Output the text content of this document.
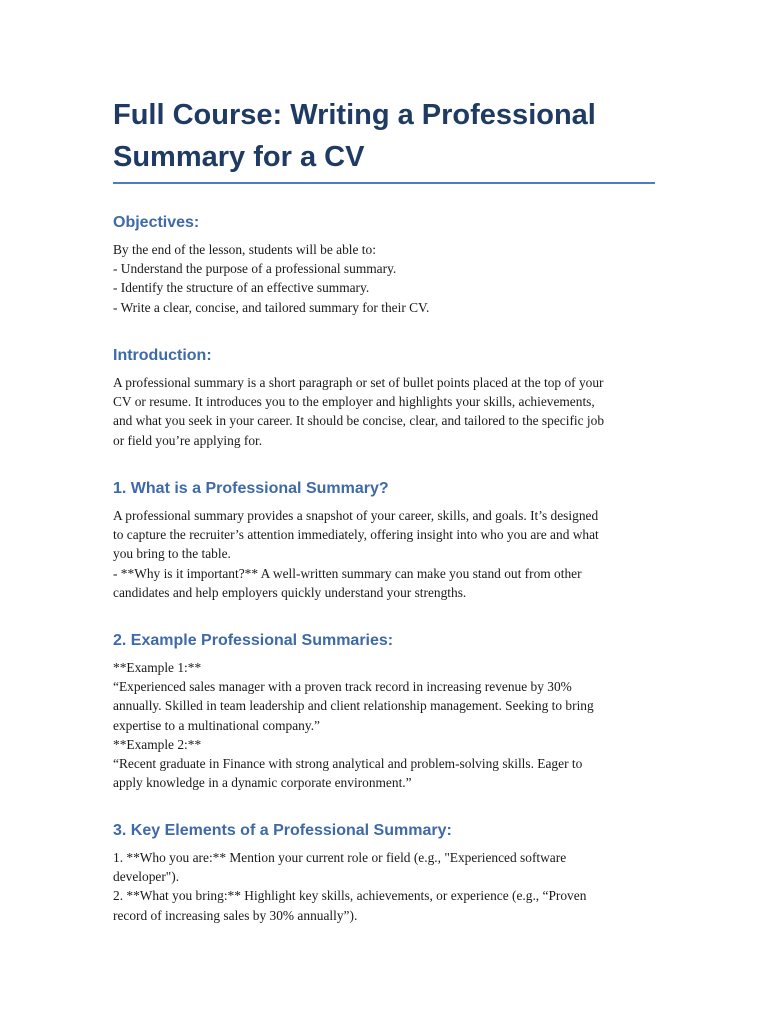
Full Course: Writing a Professional
Summary for a CV
Objectives:
By the end of the lesson, students will be able to:
- Understand the purpose of a professional summary.
- Identify the structure of an effective summary.
- Write a clear, concise, and tailored summary for their CV.
Introduction:
A professional summary is a short paragraph or set of bullet points placed at the top of your
CV or resume. It introduces you to the employer and highlights your skills, achievements,
and what you seek in your career. It should be concise, clear, and tailored to the specific job
or field you’re applying for.
1. What is a Professional Summary?
A professional summary provides a snapshot of your career, skills, and goals. It’s designed
to capture the recruiter’s attention immediately, offering insight into who you are and what
you bring to the table.
- **Why is it important?** A well-written summary can make you stand out from other
candidates and help employers quickly understand your strengths.
2. Example Professional Summaries:
**Example 1:**
“Experienced sales manager with a proven track record in increasing revenue by 30%
annually. Skilled in team leadership and client relationship management. Seeking to bring
expertise to a multinational company.”
**Example 2:**
“Recent graduate in Finance with strong analytical and problem-solving skills. Eager to
apply knowledge in a dynamic corporate environment.”
3. Key Elements of a Professional Summary:
1. **Who you are:** Mention your current role or field (e.g., "Experienced software
developer").
2. **What you bring:** Highlight key skills, achievements, or experience (e.g., “Proven
record of increasing sales by 30% annually”).
